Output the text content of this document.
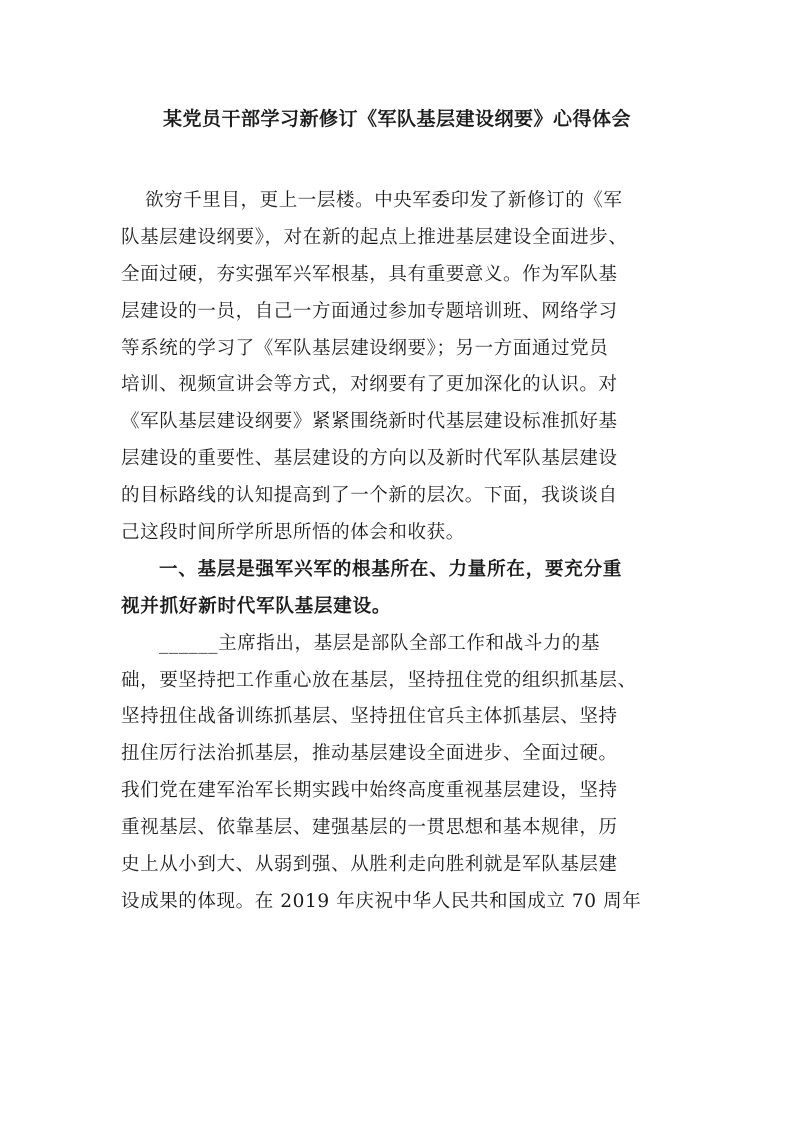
某党员干部学习新修订《军队基层建设纲要》心得体会
欲穷千里目，更上一层楼。中央军委印发了新修订的《军
队基层建设纲要》，对在新的起点上推进基层建设全面进步、
全面过硬，夯实强军兴军根基，具有重要意义。作为军队基
层建设的一员，自己一方面通过参加专题培训班、网络学习
等系统的学习了《军队基层建设纲要》；另一方面通过党员
培训、视频宣讲会等方式，对纲要有了更加深化的认识。对
《军队基层建设纲要》紧紧围绕新时代基层建设标准抓好基
层建设的重要性、基层建设的方向以及新时代军队基层建设
的目标路线的认知提高到了一个新的层次。下面，我谈谈自
己这段时间所学所思所悟的体会和收获。
一、基层是强军兴军的根基所在、力量所在，要充分重
视并抓好新时代军队基层建设。
______主席指出，基层是部队全部工作和战斗力的基
础，要坚持把工作重心放在基层，坚持扭住党的组织抓基层、
坚持扭住战备训练抓基层、坚持扭住官兵主体抓基层、坚持
扭住厉行法治抓基层，推动基层建设全面进步、全面过硬。
我们党在建军治军长期实践中始终高度重视基层建设，坚持
重视基层、依靠基层、建强基层的一贯思想和基本规律，历
史上从小到大、从弱到强、从胜利走向胜利就是军队基层建
设成果的体现。在 2019 年庆祝中华人民共和国成立 70 周年
